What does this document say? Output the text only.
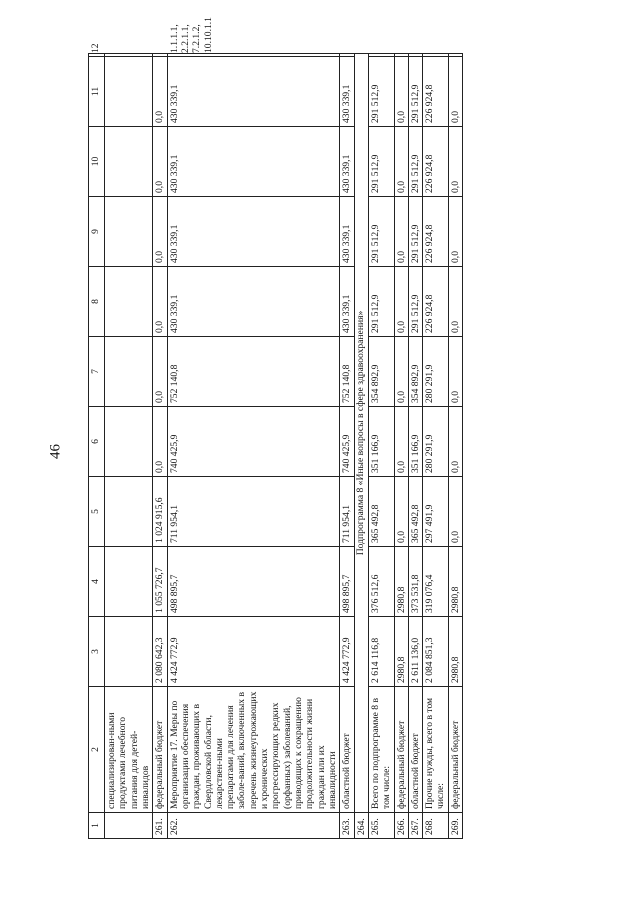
46
1	2	3	4	5	6	7	8	9	10	11	12
	специализирован-ными продуктами лечебного питания для детей-инвалидов										
261.	федеральный бюджет	2 080 642,3	1 055 726,7	1 024 915,6	0,0	0,0	0,0	0,0	0,0	0,0	
262.	Мероприятие 17. Меры по организации обеспечения граждан, проживающих в Свердловской области, лекарствен-ными препаратами для лечения заболе-ваний, включенных в перечень жизнеугрожающих и хронических прогрессирующих редких (орфанных) заболеваний, приводящих к сокращению продолжительности жизни граждан или их инвалидности	4 424 772,9	498 895,7	711 954,1	740 425,9	752 140,8	430 339,1	430 339,1	430 339,1	430 339,1	1.1.1.1, 2.2.1.1, 7.2.1.2, 10.10.1.1
263.	областной бюджет	4 424 772,9	498 895,7	711 954,1	740 425,9	752 140,8	430 339,1	430 339,1	430 339,1	430 339,1	
264.	Подпрограмма 8 «Иные вопросы в сфере здравоохранения»										
265.	Всего по подпрограмме 8 в том числе:	2 614 116,8	376 512,6	365 492,8	351 166,9	354 892,9	291 512,9	291 512,9	291 512,9	291 512,9	
266.	федеральный бюджет	2980,8	2980,8	0,0	0,0	0,0	0,0	0,0	0,0	0,0	
267.	областной бюджет	2 611 136,0	373 531,8	365 492,8	351 166,9	354 892,9	291 512,9	291 512,9	291 512,9	291 512,9	
268.	Прочие нужды, всего в том числе:	2 084 851,3	319 076,4	297 491,9	280 291,9	280 291,9	226 924,8	226 924,8	226 924,8	226 924,8	
269.	федеральный бюджет	2980,8	2980,8	0,0	0,0	0,0	0,0	0,0	0,0	0,0	
